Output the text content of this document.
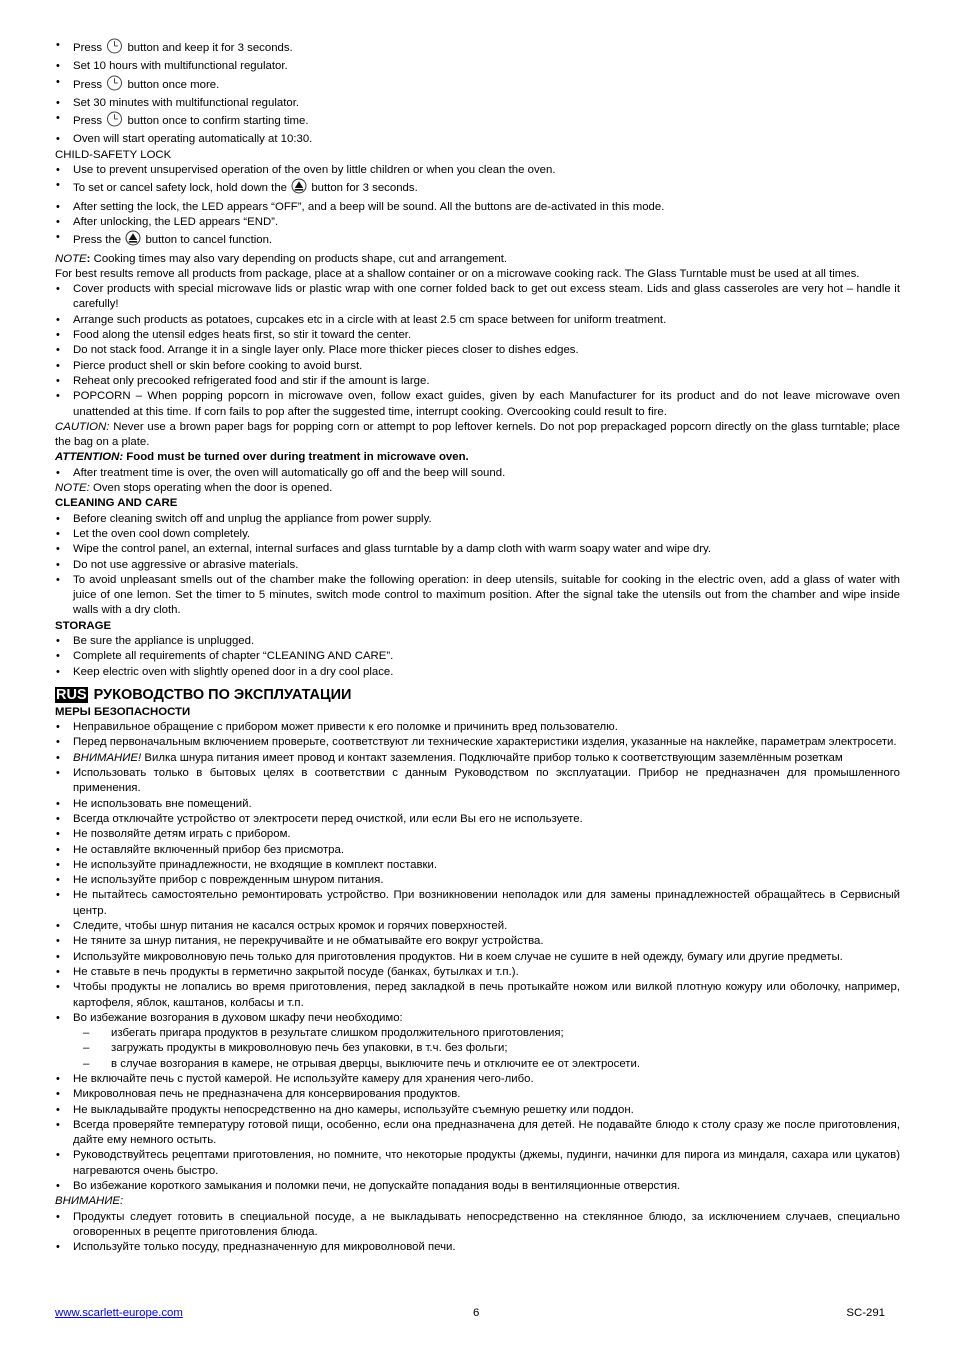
• Press  button and keep it for 3 seconds.
• Set 10 hours with multifunctional regulator.
• Press  button once more.
• Set 30 minutes with multifunctional regulator.
• Press  button once to confirm starting time.
• Oven will start operating automatically at 10:30.
CHILD-SAFETY LOCK
• Use to prevent unsupervised operation of the oven by little children or when you clean the oven.
• To set or cancel safety lock, hold down the  button for 3 seconds.
• After setting the lock, the LED appears “OFF”, and a beep will be sound. All the buttons are de-activated in this mode.
• After unlocking, the LED appears “END”.
• Press the  button to cancel function.

NOTE: Cooking times may also vary depending on products shape, cut and arrangement.

For best results remove all products from package, place at a shallow container or on a microwave cooking rack. The Glass Turntable must be used at all times.

• Cover products with special microwave lids or plastic wrap with one corner folded back to get out excess steam. Lids and glass casseroles are very hot – handle it carefully!
• Arrange such products as potatoes, cupcakes etc in a circle with at least 2.5 cm space between for uniform treatment.
• Food along the utensil edges heats first, so stir it toward the center.
• Do not stack food. Arrange it in a single layer only. Place more thicker pieces closer to dishes edges.
• Pierce product shell or skin before cooking to avoid burst.
• Reheat only precooked refrigerated food and stir if the amount is large.
• POPCORN – When popping popcorn in microwave oven, follow exact guides, given by each Manufacturer for its product and do not leave microwave oven unattended at this time. If corn fails to pop after the suggested time, interrupt cooking. Overcooking could result to fire.

CAUTION: Never use a brown paper bags for popping corn or attempt to pop leftover kernels. Do not pop prepackaged popcorn directly on the glass turntable; place the bag on a plate.

ATTENTION: Food must be turned over during treatment in microwave oven.

• After treatment time is over, the oven will automatically go off and the beep will sound.

NOTE: Oven stops operating when the door is opened.

CLEANING AND CARE
• Before cleaning switch off and unplug the appliance from power supply.
• Let the oven cool down completely.
• Wipe the control panel, an external, internal surfaces and glass turntable by a damp cloth with warm soapy water and wipe dry.
• Do not use aggressive or abrasive materials.
• To avoid unpleasant smells out of the chamber make the following operation: in deep utensils, suitable for cooking in the electric oven, add a glass of water with juice of one lemon. Set the timer to 5 minutes, switch mode control to maximum position. After the signal take the utensils out from the chamber and wipe inside walls with a dry cloth.
STORAGE
• Be sure the appliance is unplugged.
• Complete all requirements of chapter “CLEANING AND CARE”.
• Keep electric oven with slightly opened door in a dry cool place.
RUS РУКОВОДСТВО ПО ЭКСПЛУАТАЦИИ
МЕРЫ БЕЗОПАСНОСТИ
• Неправильное обращение с прибором может привести к его поломке и причинить вред пользователю.
• Перед первоначальным включением проверьте, соответствуют ли технические характеристики изделия, указанные на наклейке, параметрам электросети.
• ВНИМАНИЕ! Вилка шнура питания имеет провод и контакт заземления. Подключайте прибор только к соответствующим заземлённым розеткам
• Использовать только в бытовых целях в соответствии с данным Руководством по эксплуатации. Прибор не предназначен для промышленного применения.
• Не использовать вне помещений.
• Всегда отключайте устройство от электросети перед очисткой, или если Вы его не используете.
• Не позволяйте детям играть с прибором.
• Не оставляйте включенный прибор без присмотра.
• Не используйте принадлежности, не входящие в комплект поставки.
• Не используйте прибор с поврежденным шнуром питания.
• Не пытайтесь самостоятельно ремонтировать устройство. При возникновении неполадок или для замены принадлежностей обращайтесь в Сервисный центр.
• Следите, чтобы шнур питания не касался острых кромок и горячих поверхностей.
• Не тяните за шнур питания, не перекручивайте и не обматывайте его вокруг устройства.
• Используйте микроволновую печь только для приготовления продуктов. Ни в коем случае не сушите в ней одежду, бумагу или другие предметы.
• Не ставьте в печь продукты в герметично закрытой посуде (банках, бутылках и т.п.).
• Чтобы продукты не лопались во время приготовления, перед закладкой в печь протыкайте ножом или вилкой плотную кожуру или оболочку, например, картофеля, яблок, каштанов, колбасы и т.п.
• Во избежание возгорания в духовом шкафу печи необходимо:
– избегать пригара продуктов в результате слишком продолжительного приготовления;
– загружать продукты в микроволновую печь без упаковки, в т.ч. без фольги;
– в случае возгорания в камере, не отрывая дверцы, выключите печь и отключите ее от электросети.
• Не включайте печь с пустой камерой. Не используйте камеру для хранения чего-либо.
• Микроволновая печь не предназначена для консервирования продуктов.
• Не выкладывайте продукты непосредственно на дно камеры, используйте съемную решетку или поддон.
• Всегда проверяйте температуру готовой пищи, особенно, если она предназначена для детей. Не подавайте блюдо к столу сразу же после приготовления, дайте ему немного остыть.
• Руководствуйтесь рецептами приготовления, но помните, что некоторые продукты (джемы, пудинги, начинки для пирога из миндаля, сахара или цукатов) нагреваются очень быстро.
• Во избежание короткого замыкания и поломки печи, не допускайте попадания воды в вентиляционные отверстия.

ВНИМАНИЕ:

• Продукты следует готовить в специальной посуде, а не выкладывать непосредственно на стеклянное блюдо, за исключением случаев, специально оговоренных в рецепте приготовления блюда.
• Используйте только посуду, предназначенную для микроволновой печи.
www.scarlett-europe.com	6	SC-291
